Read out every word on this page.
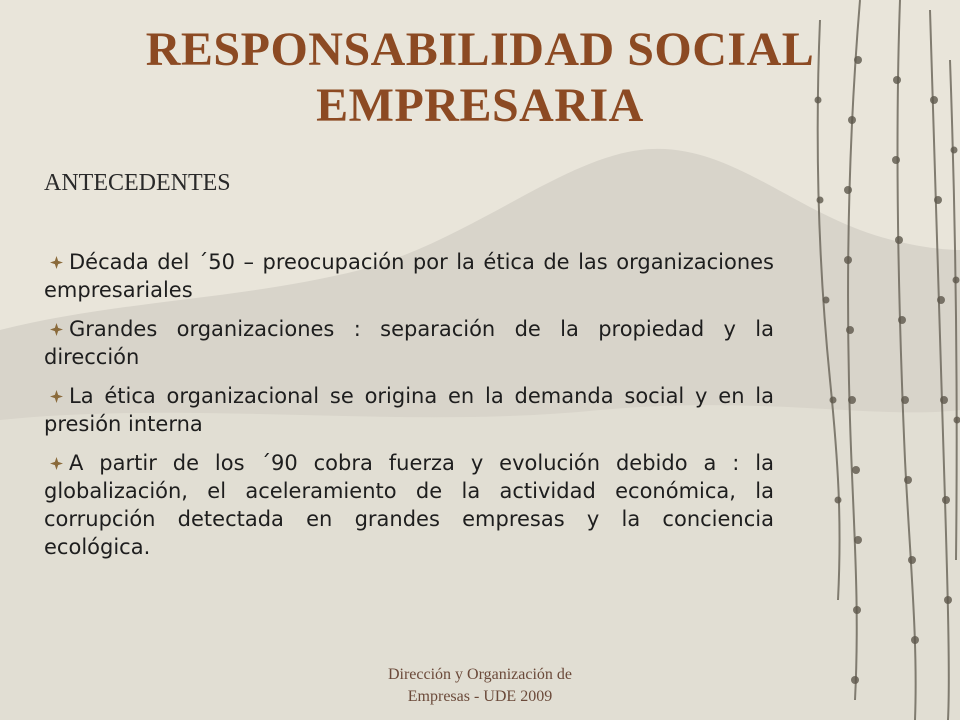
RESPONSABILIDAD SOCIAL
EMPRESARIA
ANTECEDENTES
Década del ´50 – preocupación por la ética de las organizaciones empresariales
Grandes organizaciones : separación de la propiedad y la dirección
La ética organizacional se origina en la demanda social y en la presión interna
A partir de los ´90 cobra fuerza y evolución debido a : la globalización, el aceleramiento de la actividad económica, la corrupción detectada en grandes empresas y la conciencia ecológica.
Dirección y Organización de
Empresas - UDE 2009
